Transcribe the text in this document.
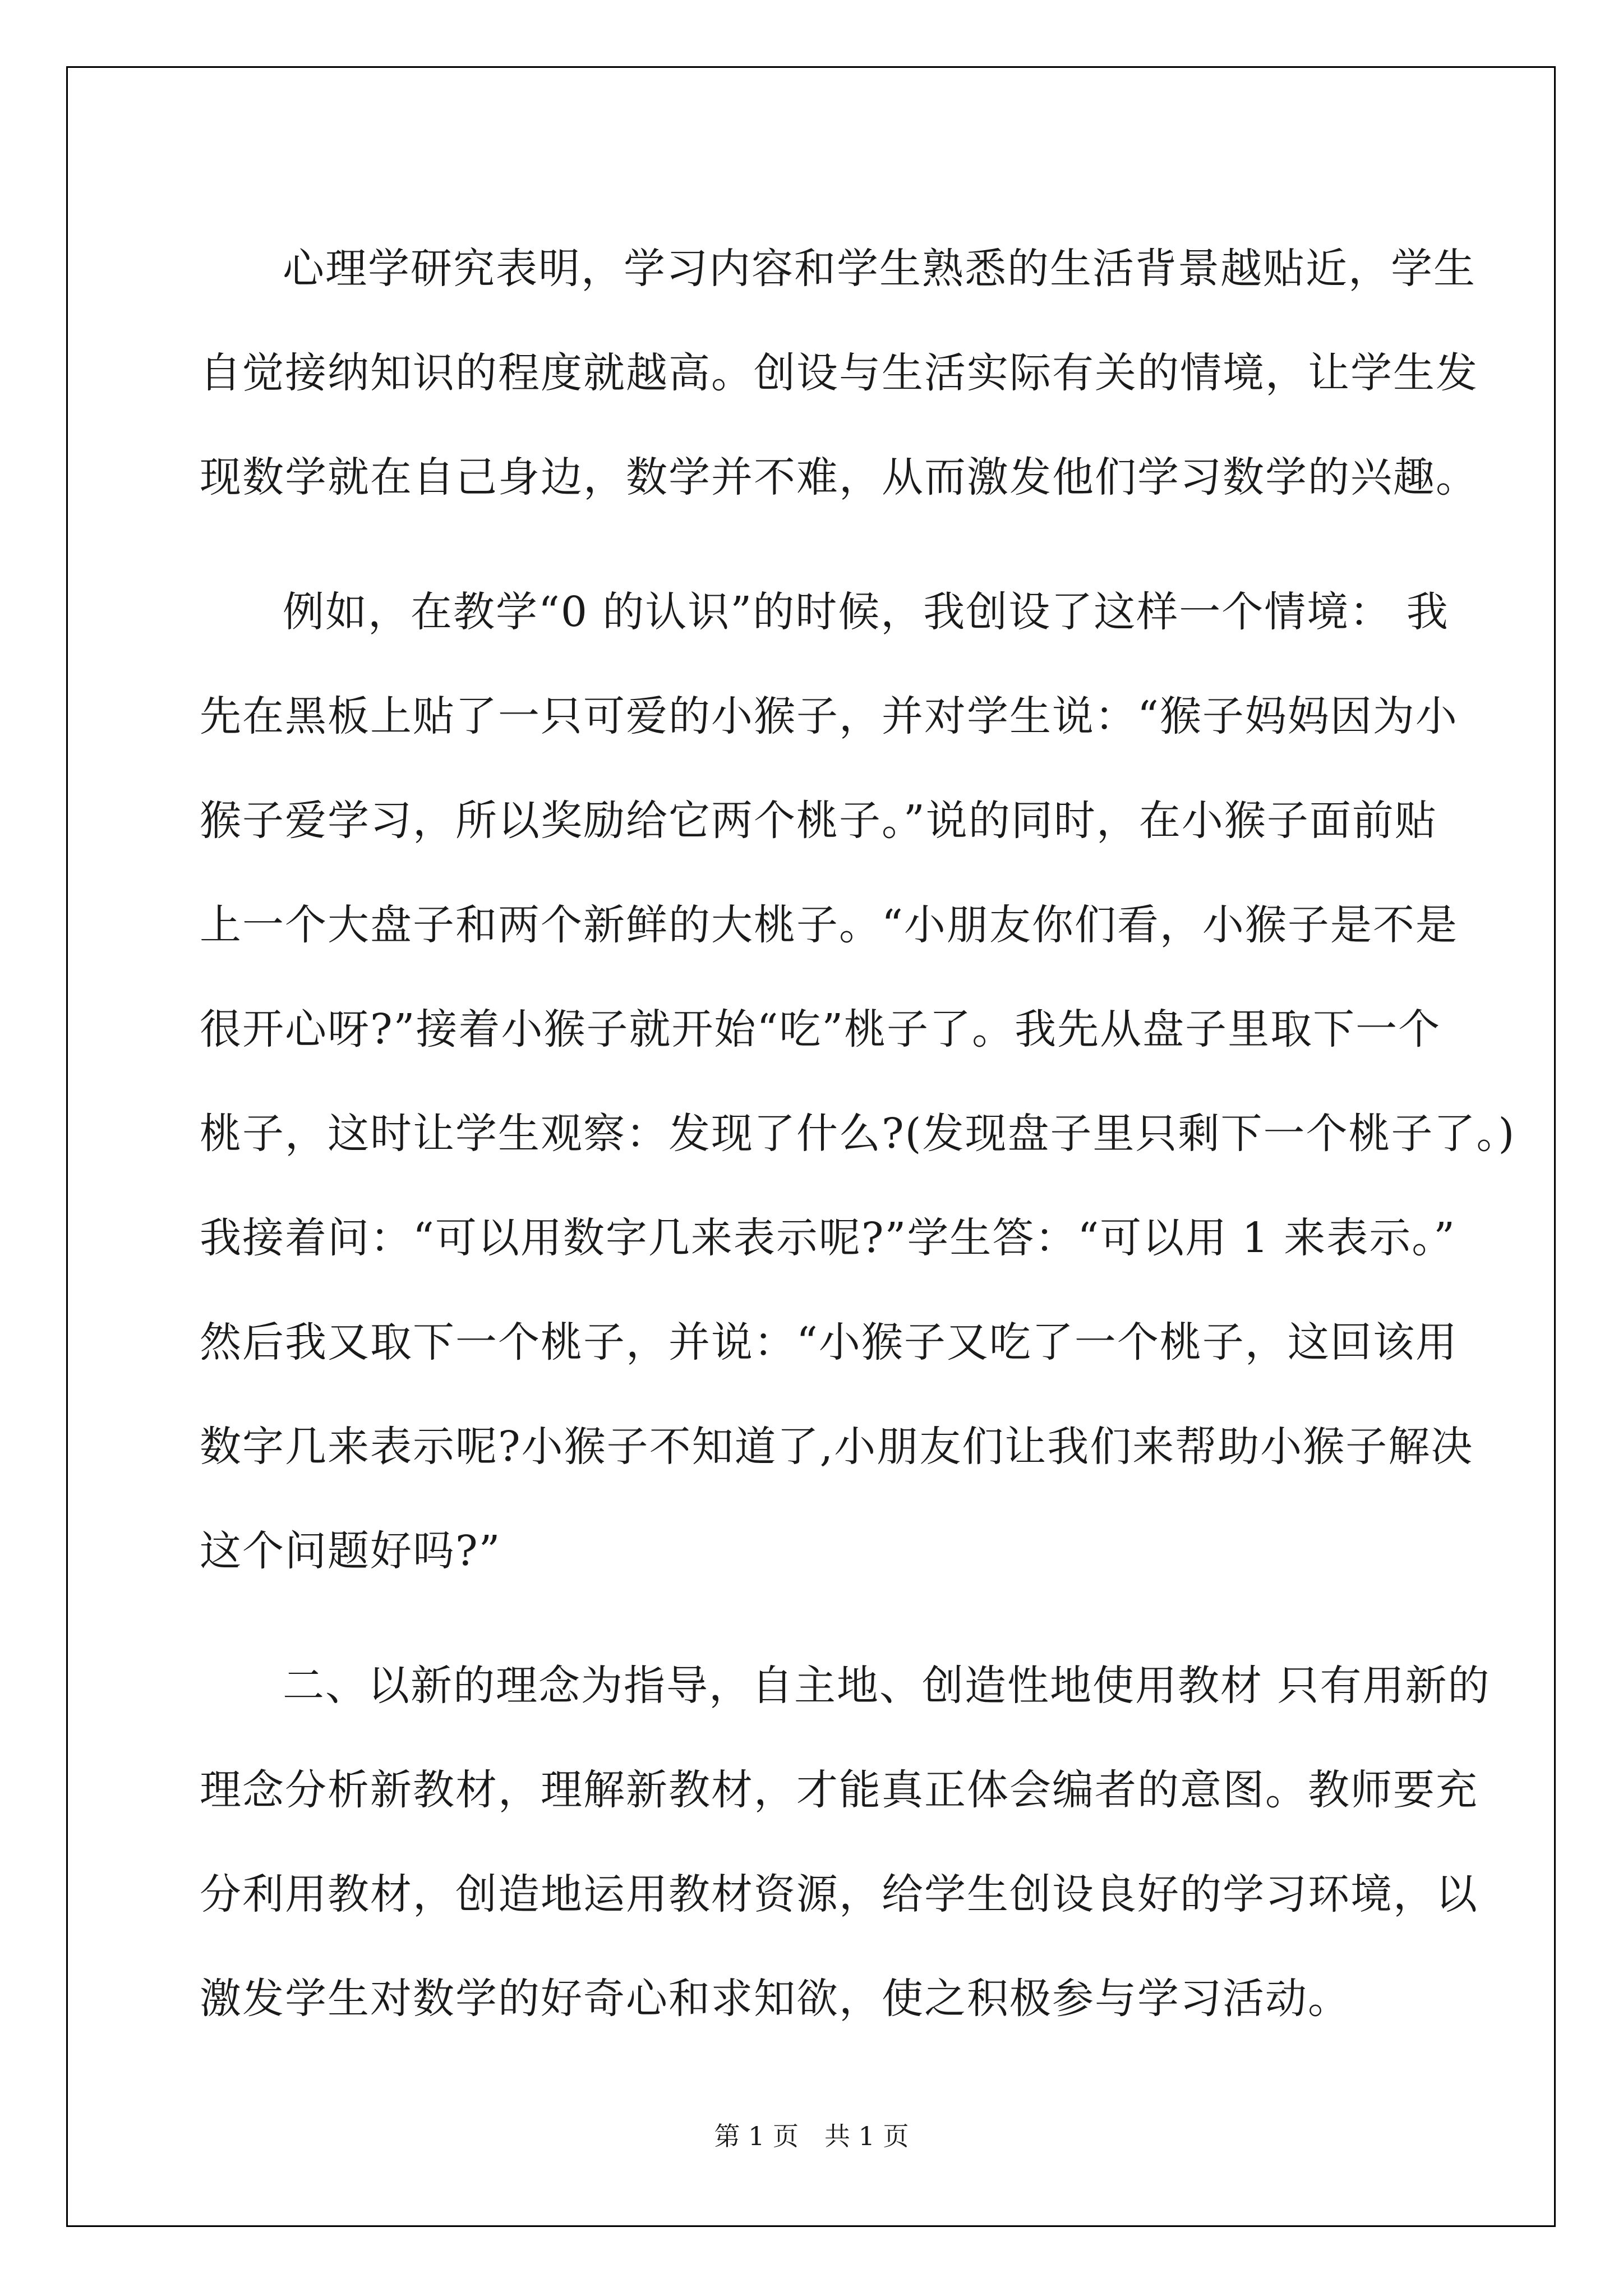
心理学研究表明，学习内容和学生熟悉的生活背景越贴近，学生
自觉接纳知识的程度就越高。创设与生活实际有关的情境，让学生发
现数学就在自己身边，数学并不难，从而激发他们学习数学的兴趣。
例如，在教学“0 的认识”的时候，我创设了这样一个情境： 我
先在黑板上贴了一只可爱的小猴子，并对学生说：“猴子妈妈因为小
猴子爱学习，所以奖励给它两个桃子。”说的同时，在小猴子面前贴
上一个大盘子和两个新鲜的大桃子。“小朋友你们看，小猴子是不是
很开心呀?”接着小猴子就开始“吃”桃子了。我先从盘子里取下一个
桃子，这时让学生观察：发现了什么?(发现盘子里只剩下一个桃子了。)
我接着问：“可以用数字几来表示呢?”学生答：“可以用 1 来表示。”
然后我又取下一个桃子，并说：“小猴子又吃了一个桃子，这回该用
数字几来表示呢?小猴子不知道了,小朋友们让我们来帮助小猴子解决
这个问题好吗?”
二、以新的理念为指导，自主地、创造性地使用教材 只有用新的
理念分析新教材，理解新教材，才能真正体会编者的意图。教师要充
分利用教材，创造地运用教材资源，给学生创设良好的学习环境，以
激发学生对数学的好奇心和求知欲，使之积极参与学习活动。
第 1 页　共 1 页
